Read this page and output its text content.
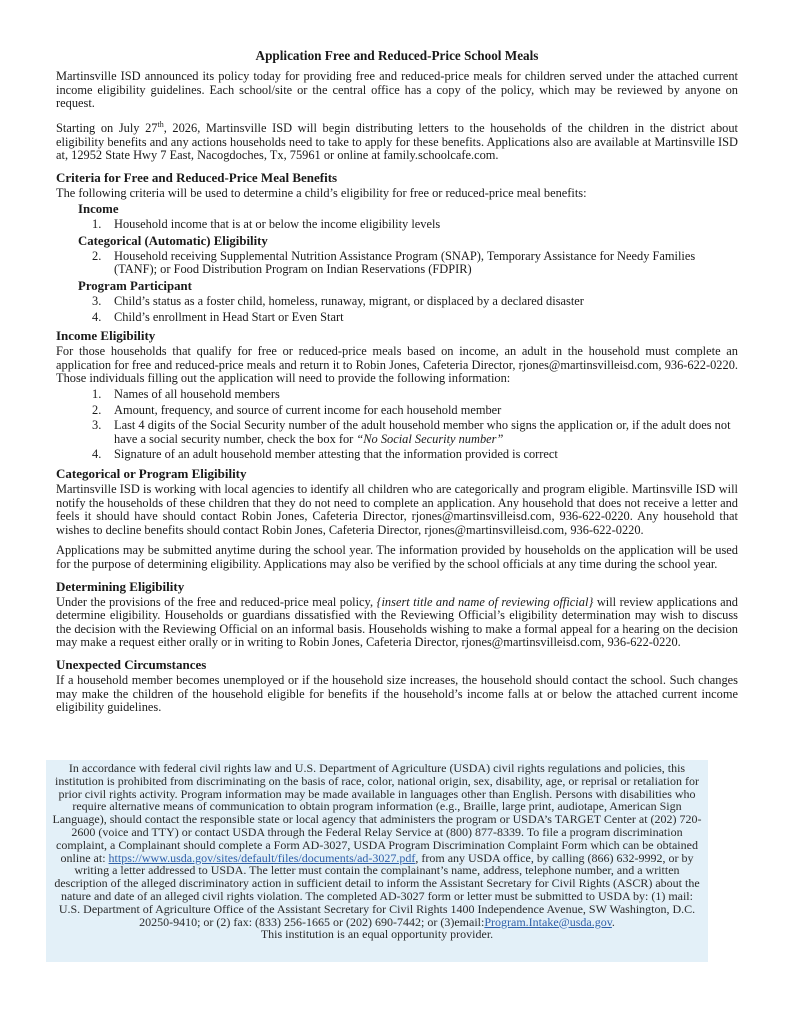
Application Free and Reduced-Price School Meals

Martinsville ISD announced its policy today for providing free and reduced-price meals for children served under the attached current income eligibility guidelines. Each school/site or the central office has a copy of the policy, which may be reviewed by anyone on request.

Starting on July 27th, 2026, Martinsville ISD will begin distributing letters to the households of the children in the district about eligibility benefits and any actions households need to take to apply for these benefits. Applications also are available at Martinsville ISD at, 12952 State Hwy 7 East, Nacogdoches, Tx, 75961 or online at family.schoolcafe.com.

Criteria for Free and Reduced-Price Meal Benefits

The following criteria will be used to determine a child’s eligibility for free or reduced-price meal benefits:

Income
1. Household income that is at or below the income eligibility levels
Categorical (Automatic) Eligibility
2. Household receiving Supplemental Nutrition Assistance Program (SNAP), Temporary Assistance for Needy Families (TANF); or Food Distribution Program on Indian Reservations (FDPIR)
Program Participant
3. Child’s status as a foster child, homeless, runaway, migrant, or displaced by a declared disaster
4. Child’s enrollment in Head Start or Even Start
Income Eligibility

For those households that qualify for free or reduced-price meals based on income, an adult in the household must complete an application for free and reduced-price meals and return it to Robin Jones, Cafeteria Director, rjones@martinsvilleisd.com, 936-622-0220. Those individuals filling out the application will need to provide the following information:

1. Names of all household members
2. Amount, frequency, and source of current income for each household member
3. Last 4 digits of the Social Security number of the adult household member who signs the application or, if the adult does not have a social security number, check the box for “No Social Security number”
4. Signature of an adult household member attesting that the information provided is correct
Categorical or Program Eligibility

Martinsville ISD is working with local agencies to identify all children who are categorically and program eligible. Martinsville ISD will notify the households of these children that they do not need to complete an application. Any household that does not receive a letter and feels it should have should contact Robin Jones, Cafeteria Director, rjones@martinsvilleisd.com, 936-622-0220. Any household that wishes to decline benefits should contact Robin Jones, Cafeteria Director, rjones@martinsvilleisd.com, 936-622-0220.

Applications may be submitted anytime during the school year. The information provided by households on the application will be used for the purpose of determining eligibility. Applications may also be verified by the school officials at any time during the school year.

Determining Eligibility

Under the provisions of the free and reduced-price meal policy, {insert title and name of reviewing official} will review applications and determine eligibility. Households or guardians dissatisfied with the Reviewing Official’s eligibility determination may wish to discuss the decision with the Reviewing Official on an informal basis. Households wishing to make a formal appeal for a hearing on the decision may make a request either orally or in writing to Robin Jones, Cafeteria Director, rjones@martinsvilleisd.com, 936-622-0220.

Unexpected Circumstances

If a household member becomes unemployed or if the household size increases, the household should contact the school. Such changes may make the children of the household eligible for benefits if the household’s income falls at or below the attached current income eligibility guidelines.

In accordance with federal civil rights law and U.S. Department of Agriculture (USDA) civil rights regulations and policies, this institution is prohibited from discriminating on the basis of race, color, national origin, sex, disability, age, or reprisal or retaliation for prior civil rights activity. Program information may be made available in languages other than English. Persons with disabilities who require alternative means of communication to obtain program information (e.g., Braille, large print, audiotape, American Sign Language), should contact the responsible state or local agency that administers the program or USDA’s TARGET Center at (202) 720-2600 (voice and TTY) or contact USDA through the Federal Relay Service at (800) 877-8339. To file a program discrimination complaint, a Complainant should complete a Form AD-3027, USDA Program Discrimination Complaint Form which can be obtained online at: https://www.usda.gov/sites/default/files/documents/ad-3027.pdf, from any USDA office, by calling (866) 632-9992, or by writing a letter addressed to USDA. The letter must contain the complainant’s name, address, telephone number, and a written description of the alleged discriminatory action in sufficient detail to inform the Assistant Secretary for Civil Rights (ASCR) about the nature and date of an alleged civil rights violation. The completed AD-3027 form or letter must be submitted to USDA by: (1) mail: U.S. Department of Agriculture Office of the Assistant Secretary for Civil Rights 1400 Independence Avenue, SW Washington, D.C. 20250-9410; or (2) fax: (833) 256-1665 or (202) 690-7442; or (3)email:Program.Intake@usda.gov.
This institution is an equal opportunity provider.
